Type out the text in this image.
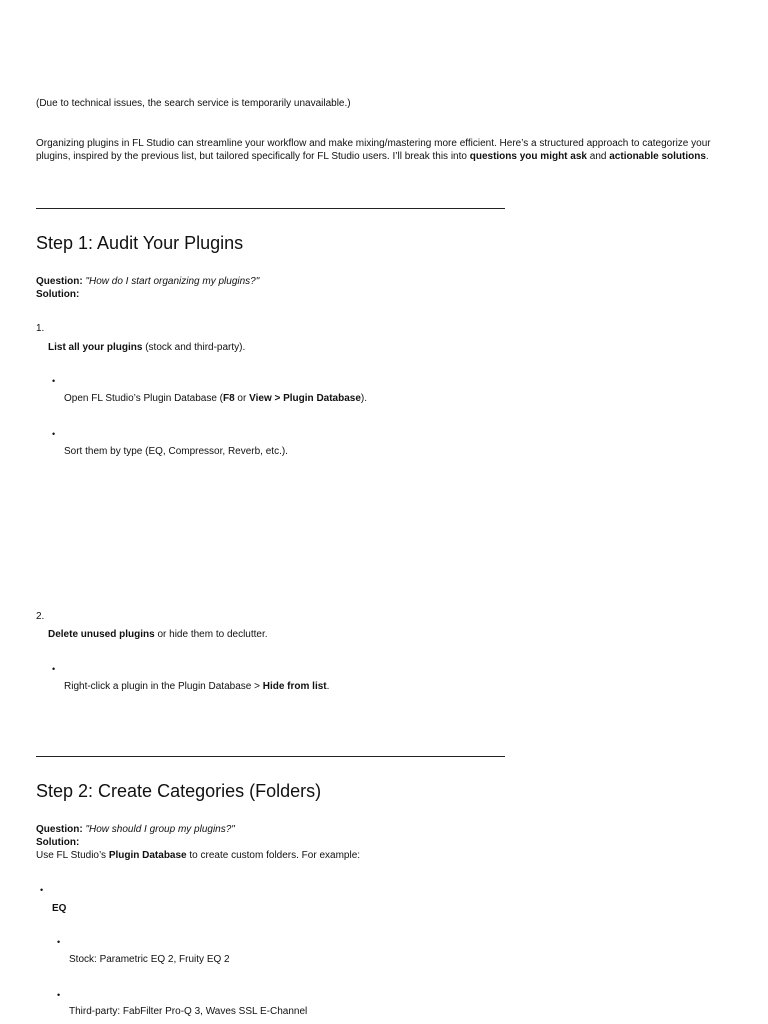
(Due to technical issues, the search service is temporarily unavailable.)
Organizing plugins in FL Studio can streamline your workflow and make mixing/mastering more efficient. Here’s a structured approach to categorize your plugins, inspired by the previous list, but tailored specifically for FL Studio users. I’ll break this into questions you might ask and actionable solutions.
Step 1: Audit Your Plugins
Question: "How do I start organizing my plugins?"
Solution:
1.
List all your plugins (stock and third-party).
•
Open FL Studio’s Plugin Database (F8 or View > Plugin Database).
•
Sort them by type (EQ, Compressor, Reverb, etc.).
2.
Delete unused plugins or hide them to declutter.
•
Right-click a plugin in the Plugin Database > Hide from list.
Step 2: Create Categories (Folders)
Question: "How should I group my plugins?"
Solution:
Use FL Studio’s Plugin Database to create custom folders. For example:
•
EQ
•
Stock: Parametric EQ 2, Fruity EQ 2
•
Third-party: FabFilter Pro-Q 3, Waves SSL E-Channel
